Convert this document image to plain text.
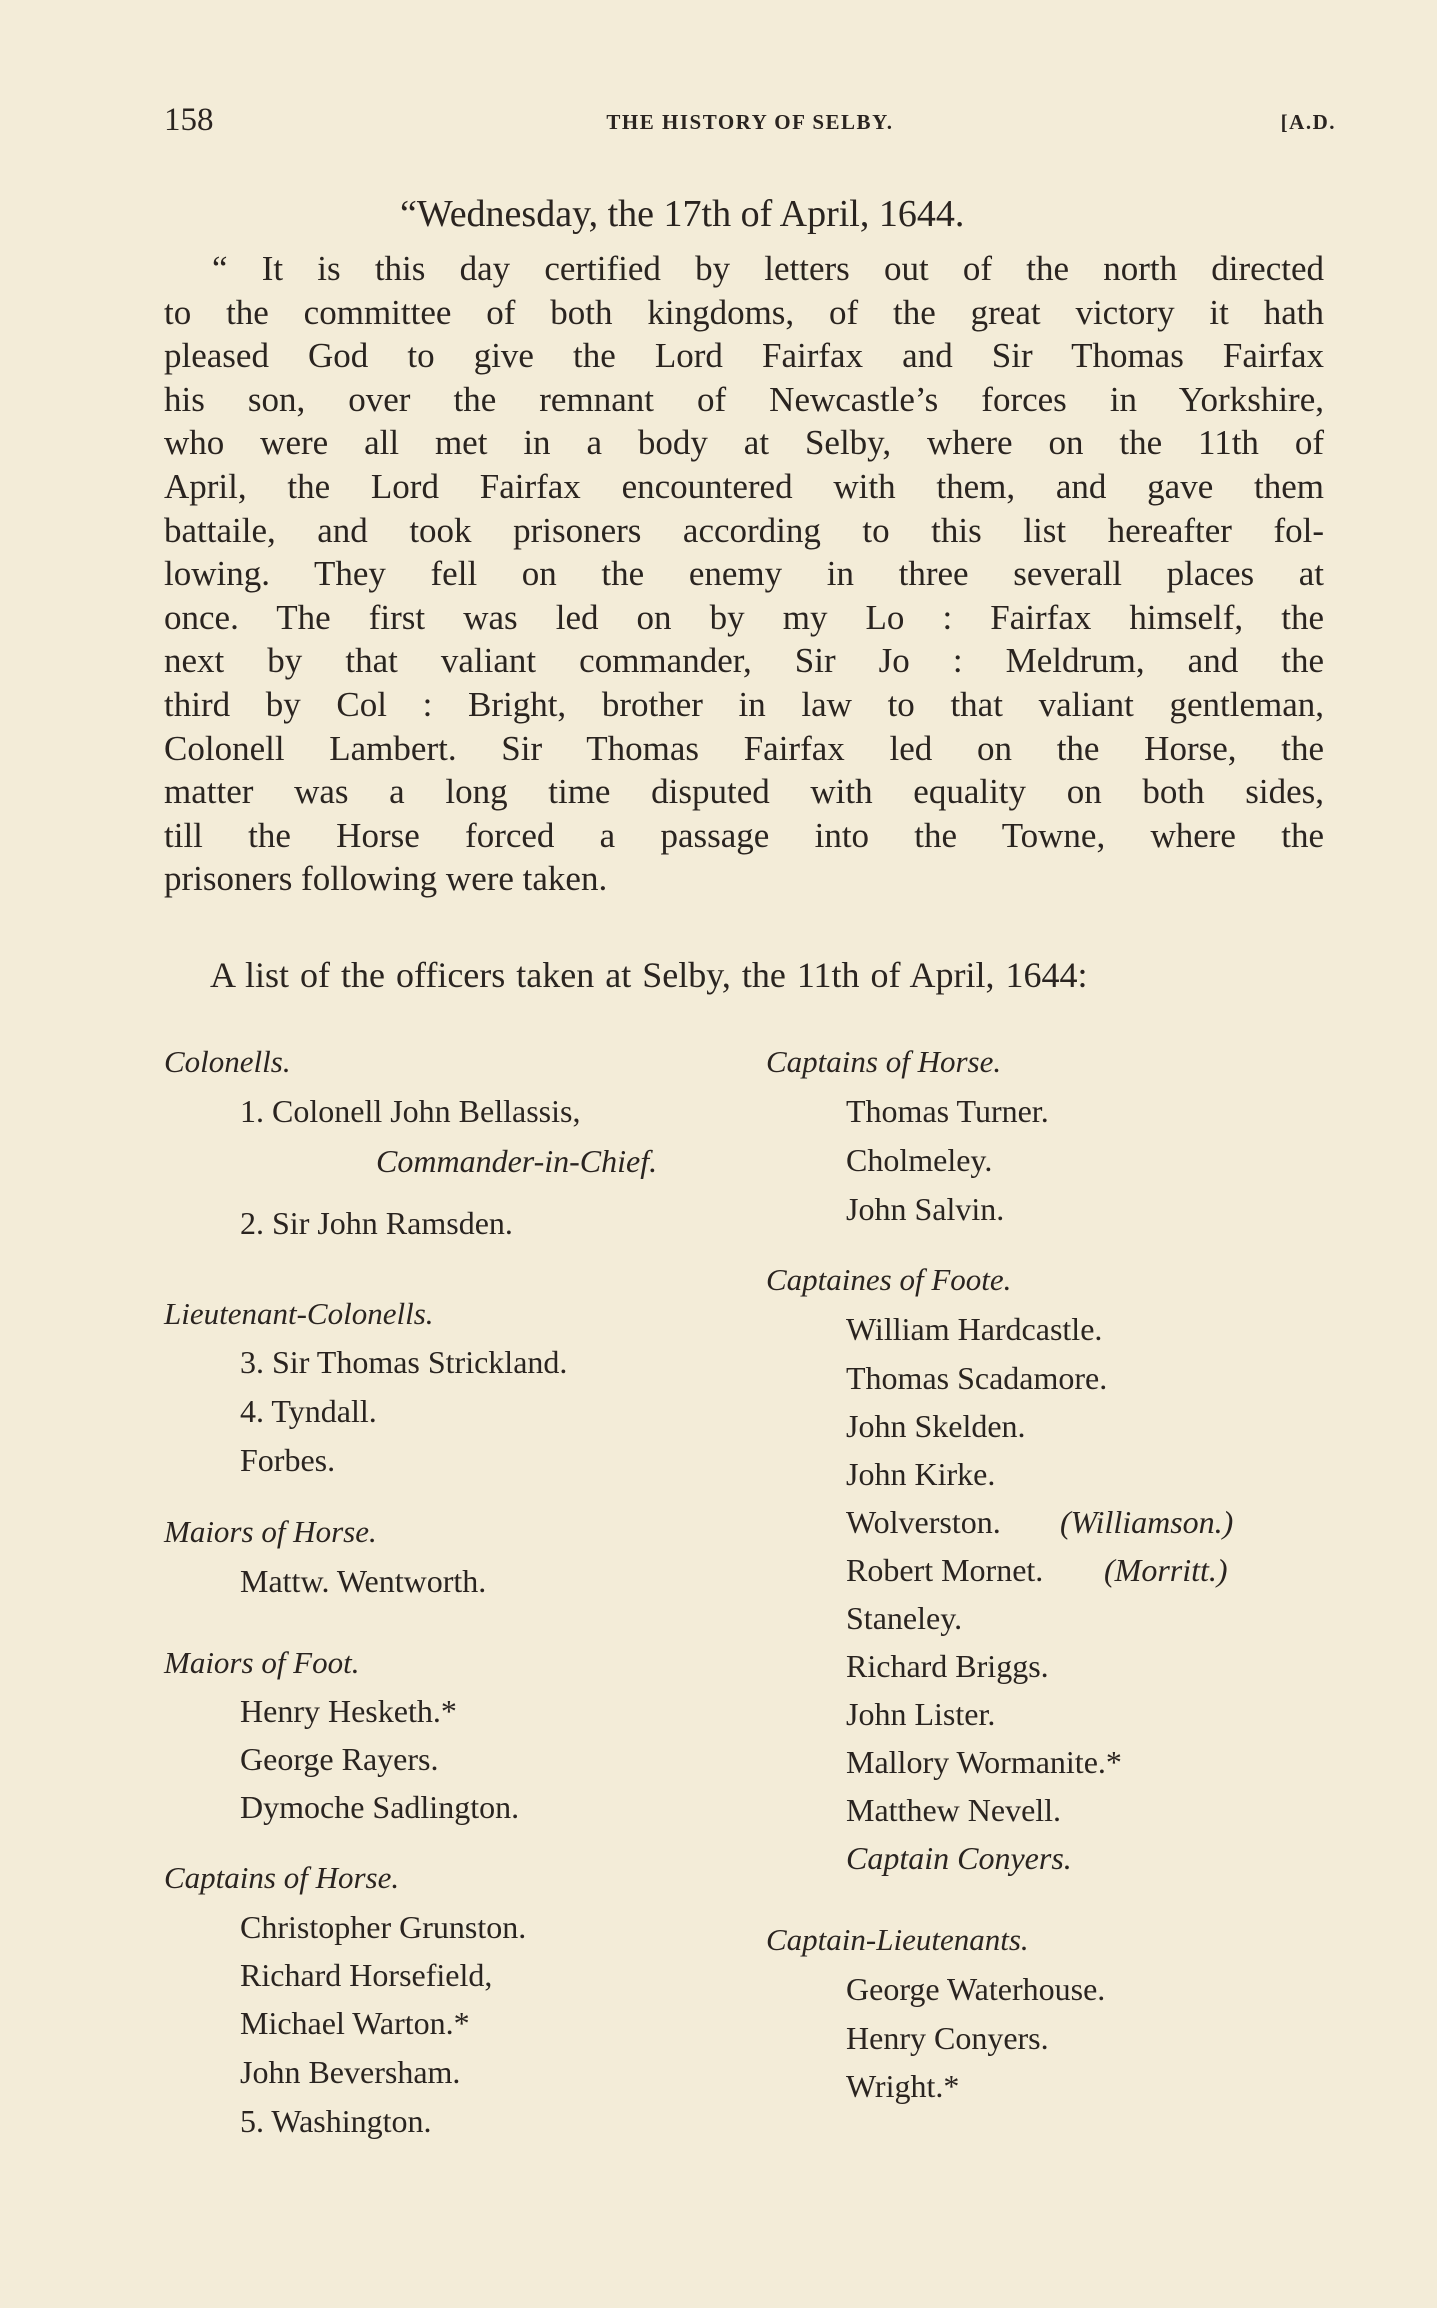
158	THE HISTORY OF SELBY.	[A.D.
“Wednesday, the 17th of April, 1644.
“ It is this day certified by letters out of the north directed
to the committee of both kingdoms, of the great victory it hath
pleased God to give the Lord Fairfax and Sir Thomas Fairfax
his son, over the remnant of Newcastle’s forces in Yorkshire,
who were all met in a body at Selby, where on the 11th of
April, the Lord Fairfax encountered with them, and gave them
battaile, and took prisoners according to this list hereafter fol-
lowing. They fell on the enemy in three severall places at
once. The first was led on by my Lo : Fairfax himself, the
next by that valiant commander, Sir Jo : Meldrum, and the
third by Col : Bright, brother in law to that valiant gentleman,
Colonell Lambert. Sir Thomas Fairfax led on the Horse, the
matter was a long time disputed with equality on both sides,
till the Horse forced a passage into the Towne, where the
prisoners following were taken.
A list of the officers taken at Selby, the 11th of April, 1644:
Colonells.
1. Colonell John Bellassis,
Commander-in-Chief.
2. Sir John Ramsden.
Lieutenant-Colonells.
3. Sir Thomas Strickland.
4. Tyndall.
Forbes.
Maiors of Horse.
Mattw. Wentworth.
Maiors of Foot.
Henry Hesketh.*
George Rayers.
Dymoche Sadlington.
Captains of Horse.
Christopher Grunston.
Richard Horsefield,
Michael Warton.*
John Beversham.
5. Washington.
Captains of Horse.
Thomas Turner.
Cholmeley.
John Salvin.
Captaines of Foote.
William Hardcastle.
Thomas Scadamore.
John Skelden.
John Kirke.
Wolverston. (Williamson.)
Robert Mornet. (Morritt.)
Staneley.
Richard Briggs.
John Lister.
Mallory Wormanite.*
Matthew Nevell.
Captain Conyers.
Captain-Lieutenants.
George Waterhouse.
Henry Conyers.
Wright.*
